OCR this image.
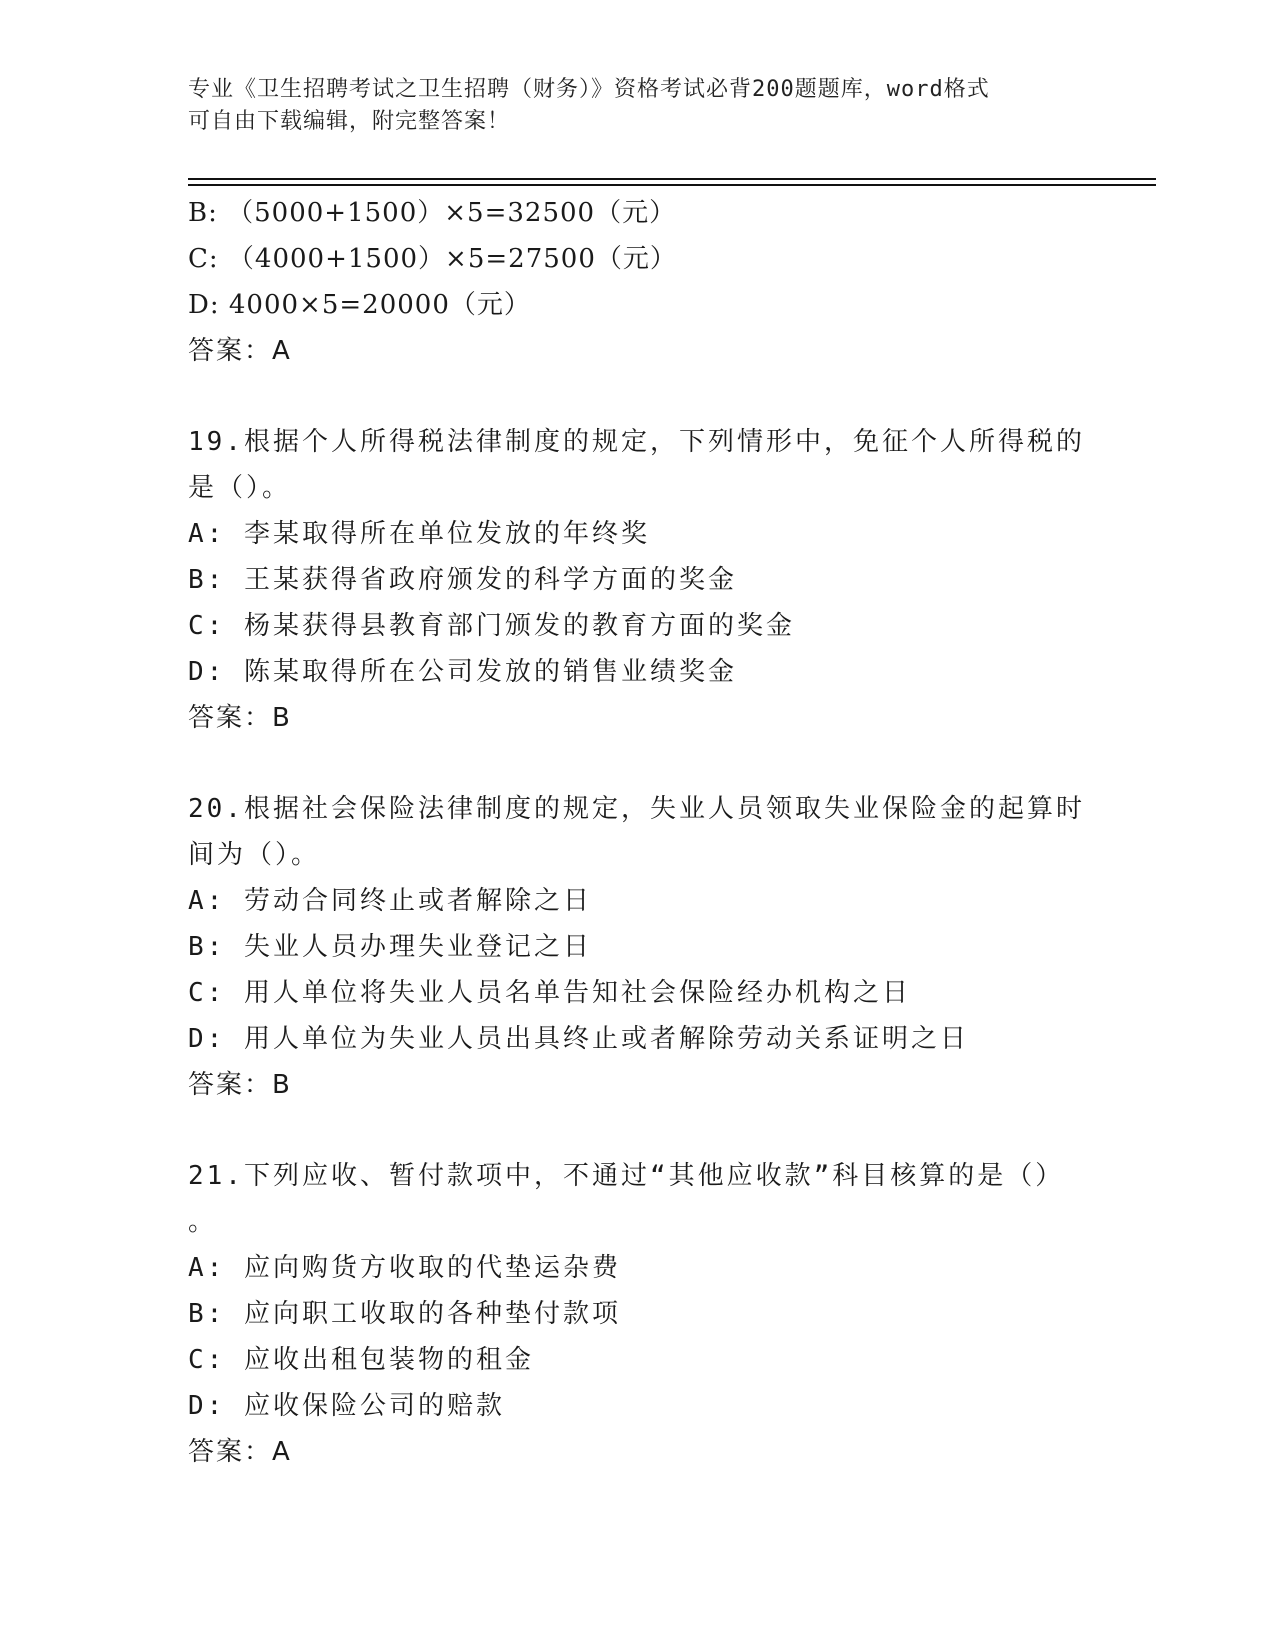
专业《卫生招聘考试之卫生招聘（财务）》资格考试必背200题题库，word格式
可自由下载编辑，附完整答案！
B: （5000+1500）×5=32500（元）
C: （4000+1500）×5=27500（元）
D: 4000×5=20000（元）
答案：A
19.根据个人所得税法律制度的规定，下列情形中，免征个人所得税的
是（）。
A: 李某取得所在单位发放的年终奖
B: 王某获得省政府颁发的科学方面的奖金
C: 杨某获得县教育部门颁发的教育方面的奖金
D: 陈某取得所在公司发放的销售业绩奖金
答案：B
20.根据社会保险法律制度的规定，失业人员领取失业保险金的起算时
间为（）。
A: 劳动合同终止或者解除之日
B: 失业人员办理失业登记之日
C: 用人单位将失业人员名单告知社会保险经办机构之日
D: 用人单位为失业人员出具终止或者解除劳动关系证明之日
答案：B
21.下列应收、暂付款项中，不通过“其他应收款”科目核算的是（）
。
A: 应向购货方收取的代垫运杂费
B: 应向职工收取的各种垫付款项
C: 应收出租包装物的租金
D: 应收保险公司的赔款
答案：A
